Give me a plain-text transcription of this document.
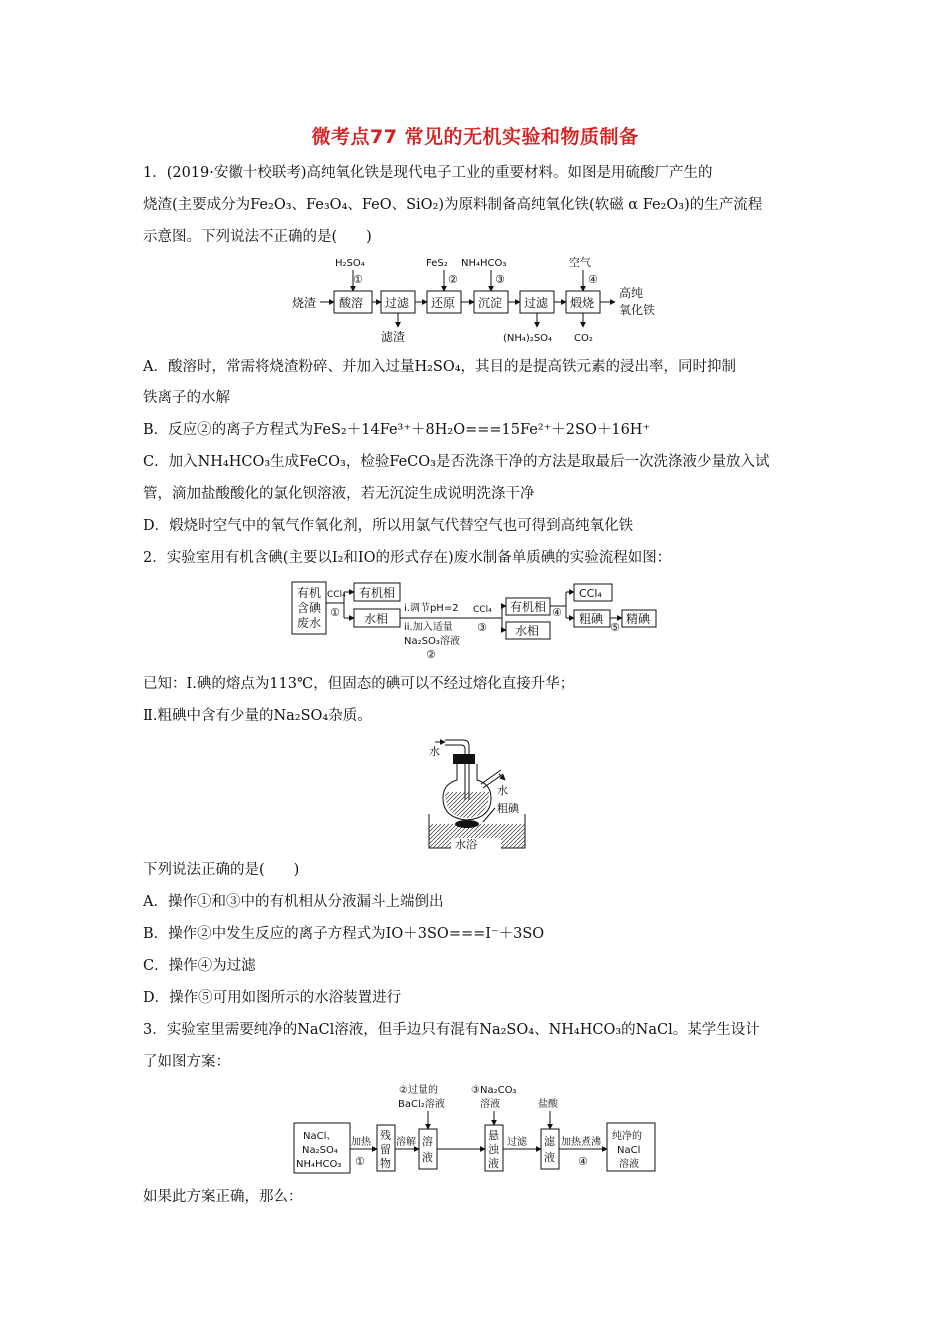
微考点77 常见的无机实验和物质制备
1．(2019·安徽十校联考)高纯氧化铁是现代电子工业的重要材料。如图是用硫酸厂产生的
烧渣(主要成分为Fe₂O₃、Fe₃O₄、FeO、SiO₂)为原料制备高纯氧化铁(软磁 α Fe₂O₃)的生产流程
示意图。下列说法不正确的是(　　)
烧渣 酸溶 过滤 还原 沉淀 过滤 煅烧
高纯
氧化铁
H₂SO₄
①
FeS₂
②
NH₄HCO₃
③
空气
④
滤渣	(NH₄)₂SO₄ CO₂
A．酸溶时，常需将烧渣粉碎、并加入过量H₂SO₄，其目的是提高铁元素的浸出率，同时抑制
铁离子的水解
B．反应②的离子方程式为FeS₂＋14Fe³⁺＋8H₂O===15Fe²⁺＋2SO＋16H⁺
C．加入NH₄HCO₃生成FeCO₃，检验FeCO₃是否洗涤干净的方法是取最后一次洗涤液少量放入试
管，滴加盐酸酸化的氯化钡溶液，若无沉淀生成说明洗涤干净
D．煅烧时空气中的氧气作氧化剂，所以用氯气代替空气也可得到高纯氧化铁
2．实验室用有机含碘(主要以I₂和IO的形式存在)废水制备单质碘的实验流程如图：
有机
含碘
废水
CCl₄
①
有机相
水相
i.调节pH=2
ii.加入适量
Na₂SO₃溶液
②
CCl₄
③
有机相
水相
④
CCl₄
粗碘
⑤
精碘
已知：Ⅰ.碘的熔点为113℃，但固态的碘可以不经过熔化直接升华；
Ⅱ.粗碘中含有少量的Na₂SO₄杂质。
水
水
粗碘
水浴
下列说法正确的是(　　)
A．操作①和③中的有机相从分液漏斗上端倒出
B．操作②中发生反应的离子方程式为IO＋3SO===I⁻＋3SO
C．操作④为过滤
D．操作⑤可用如图所示的水浴装置进行
3．实验室里需要纯净的NaCl溶液，但手边只有混有Na₂SO₄、NH₄HCO₃的NaCl。某学生设计
了如图方案：
NaCl、
Na₂SO₄
NH₄HCO₃
加热
①
残
留
物
溶解 溶
液
②过量的
BaCl₂溶液
悬
浊
液
③Na₂CO₃
溶液
过滤 滤
液
盐酸
加热煮沸
④
纯净的
NaCl
溶液
如果此方案正确，那么：
